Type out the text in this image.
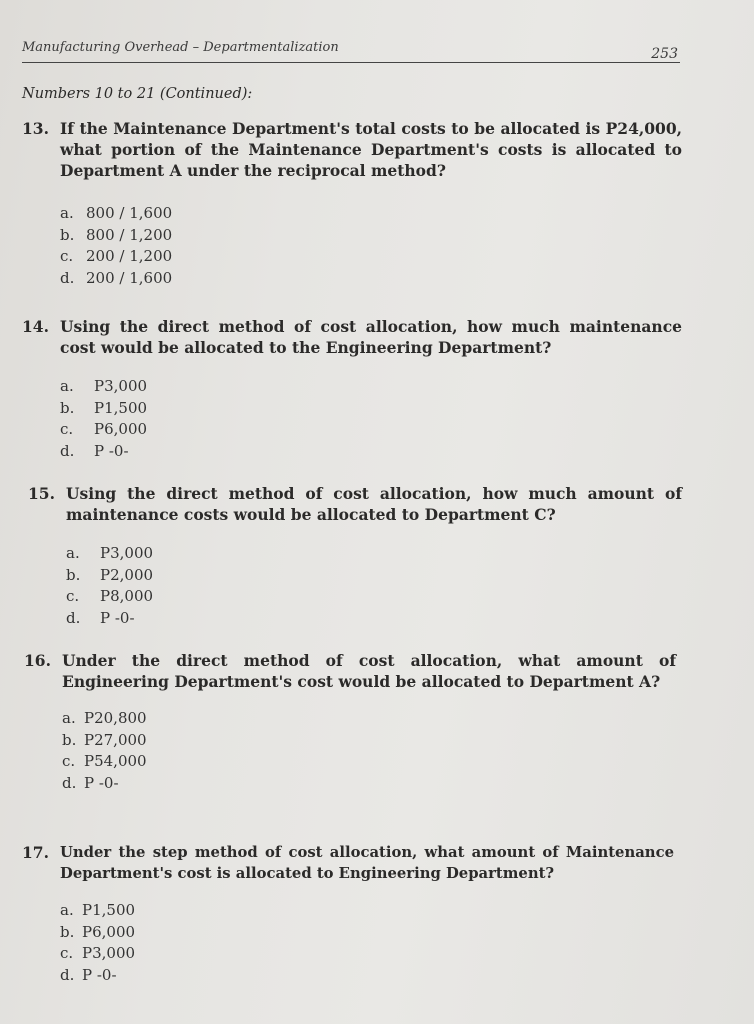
Manufacturing Overhead – Departmentalization	253
Numbers 10 to 21 (Continued):
13. If the Maintenance Department's total costs to be allocated is P24,000, what portion of the Maintenance Department's costs is allocated to Department A under the reciprocal method?
a. 800 / 1,600
b. 800 / 1,200
c. 200 / 1,200
d. 200 / 1,600
14. Using the direct method of cost allocation, how much maintenance cost would be allocated to the Engineering Department?
a.	P3,000
b.	P1,500
c.	P6,000
d.	P -0-
15. Using the direct method of cost allocation, how much amount of maintenance costs would be allocated to Department C?
a.	P3,000
b.	P2,000
c.	P8,000
d.	P -0-
16. Under the direct method of cost allocation, what amount of Engineering Department's cost would be allocated to Department A?
a. P20,800
b. P27,000
c. P54,000
d. P -0-
17. Under the step method of cost allocation, what amount of Maintenance Department's cost is allocated to Engineering Department?
a. P1,500
b. P6,000
c. P3,000
d. P -0-
